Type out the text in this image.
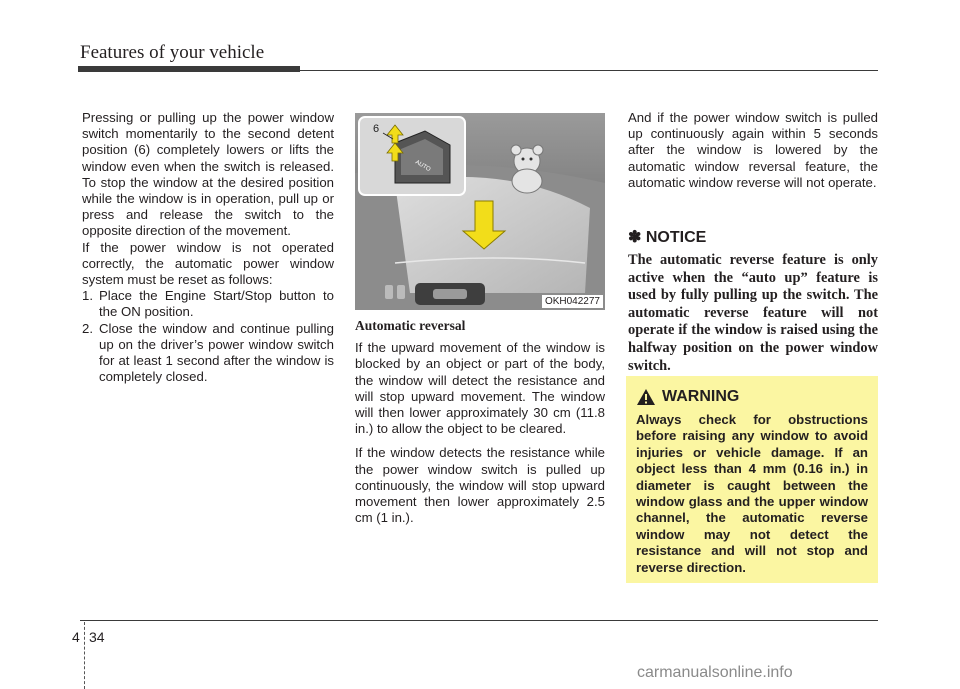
Features of your vehicle

Pressing or pulling up the power window switch momentarily to the second detent position (6) completely lowers or lifts the window even when the switch is released. To stop the window at the desired position while the window is in operation, pull up or press and release the switch to the opposite direction of the movement.

If the power window is not operated correctly, the automatic power window system must be reset as follows:

1. Place the Engine Start/Stop button to the ON position.
2. Close the window and continue pulling up on the driver’s power window switch for at least 1 second after the window is completely closed.
AUTO
6
OKH042277
Automatic reversal

If the upward movement of the window is blocked by an object or part of the body, the window will detect the resistance and will stop upward movement. The window will then lower approximately 30 cm (11.8 in.) to allow the object to be cleared.

If the window detects the resistance while the power window switch is pulled up continuously, the window will stop upward movement then lower approximately 2.5 cm (1 in.).

And if the power window switch is pulled up continuously again within 5 seconds after the window is lowered by the automatic window reversal feature, the automatic window reverse will not operate.

✽ NOTICE
The automatic reverse feature is only active when the “auto up” feature is used by fully pulling up the switch. The automatic reverse feature will not operate if the window is raised using the halfway position on the power window switch.
WARNING
Always check for obstructions before raising any window to avoid injuries or vehicle damage. If an object less than 4 mm (0.16 in.) in diameter is caught between the window glass and the upper window channel, the automatic reverse window may not detect the resistance and will not stop and reverse direction.
4 34
carmanualsonline.info
